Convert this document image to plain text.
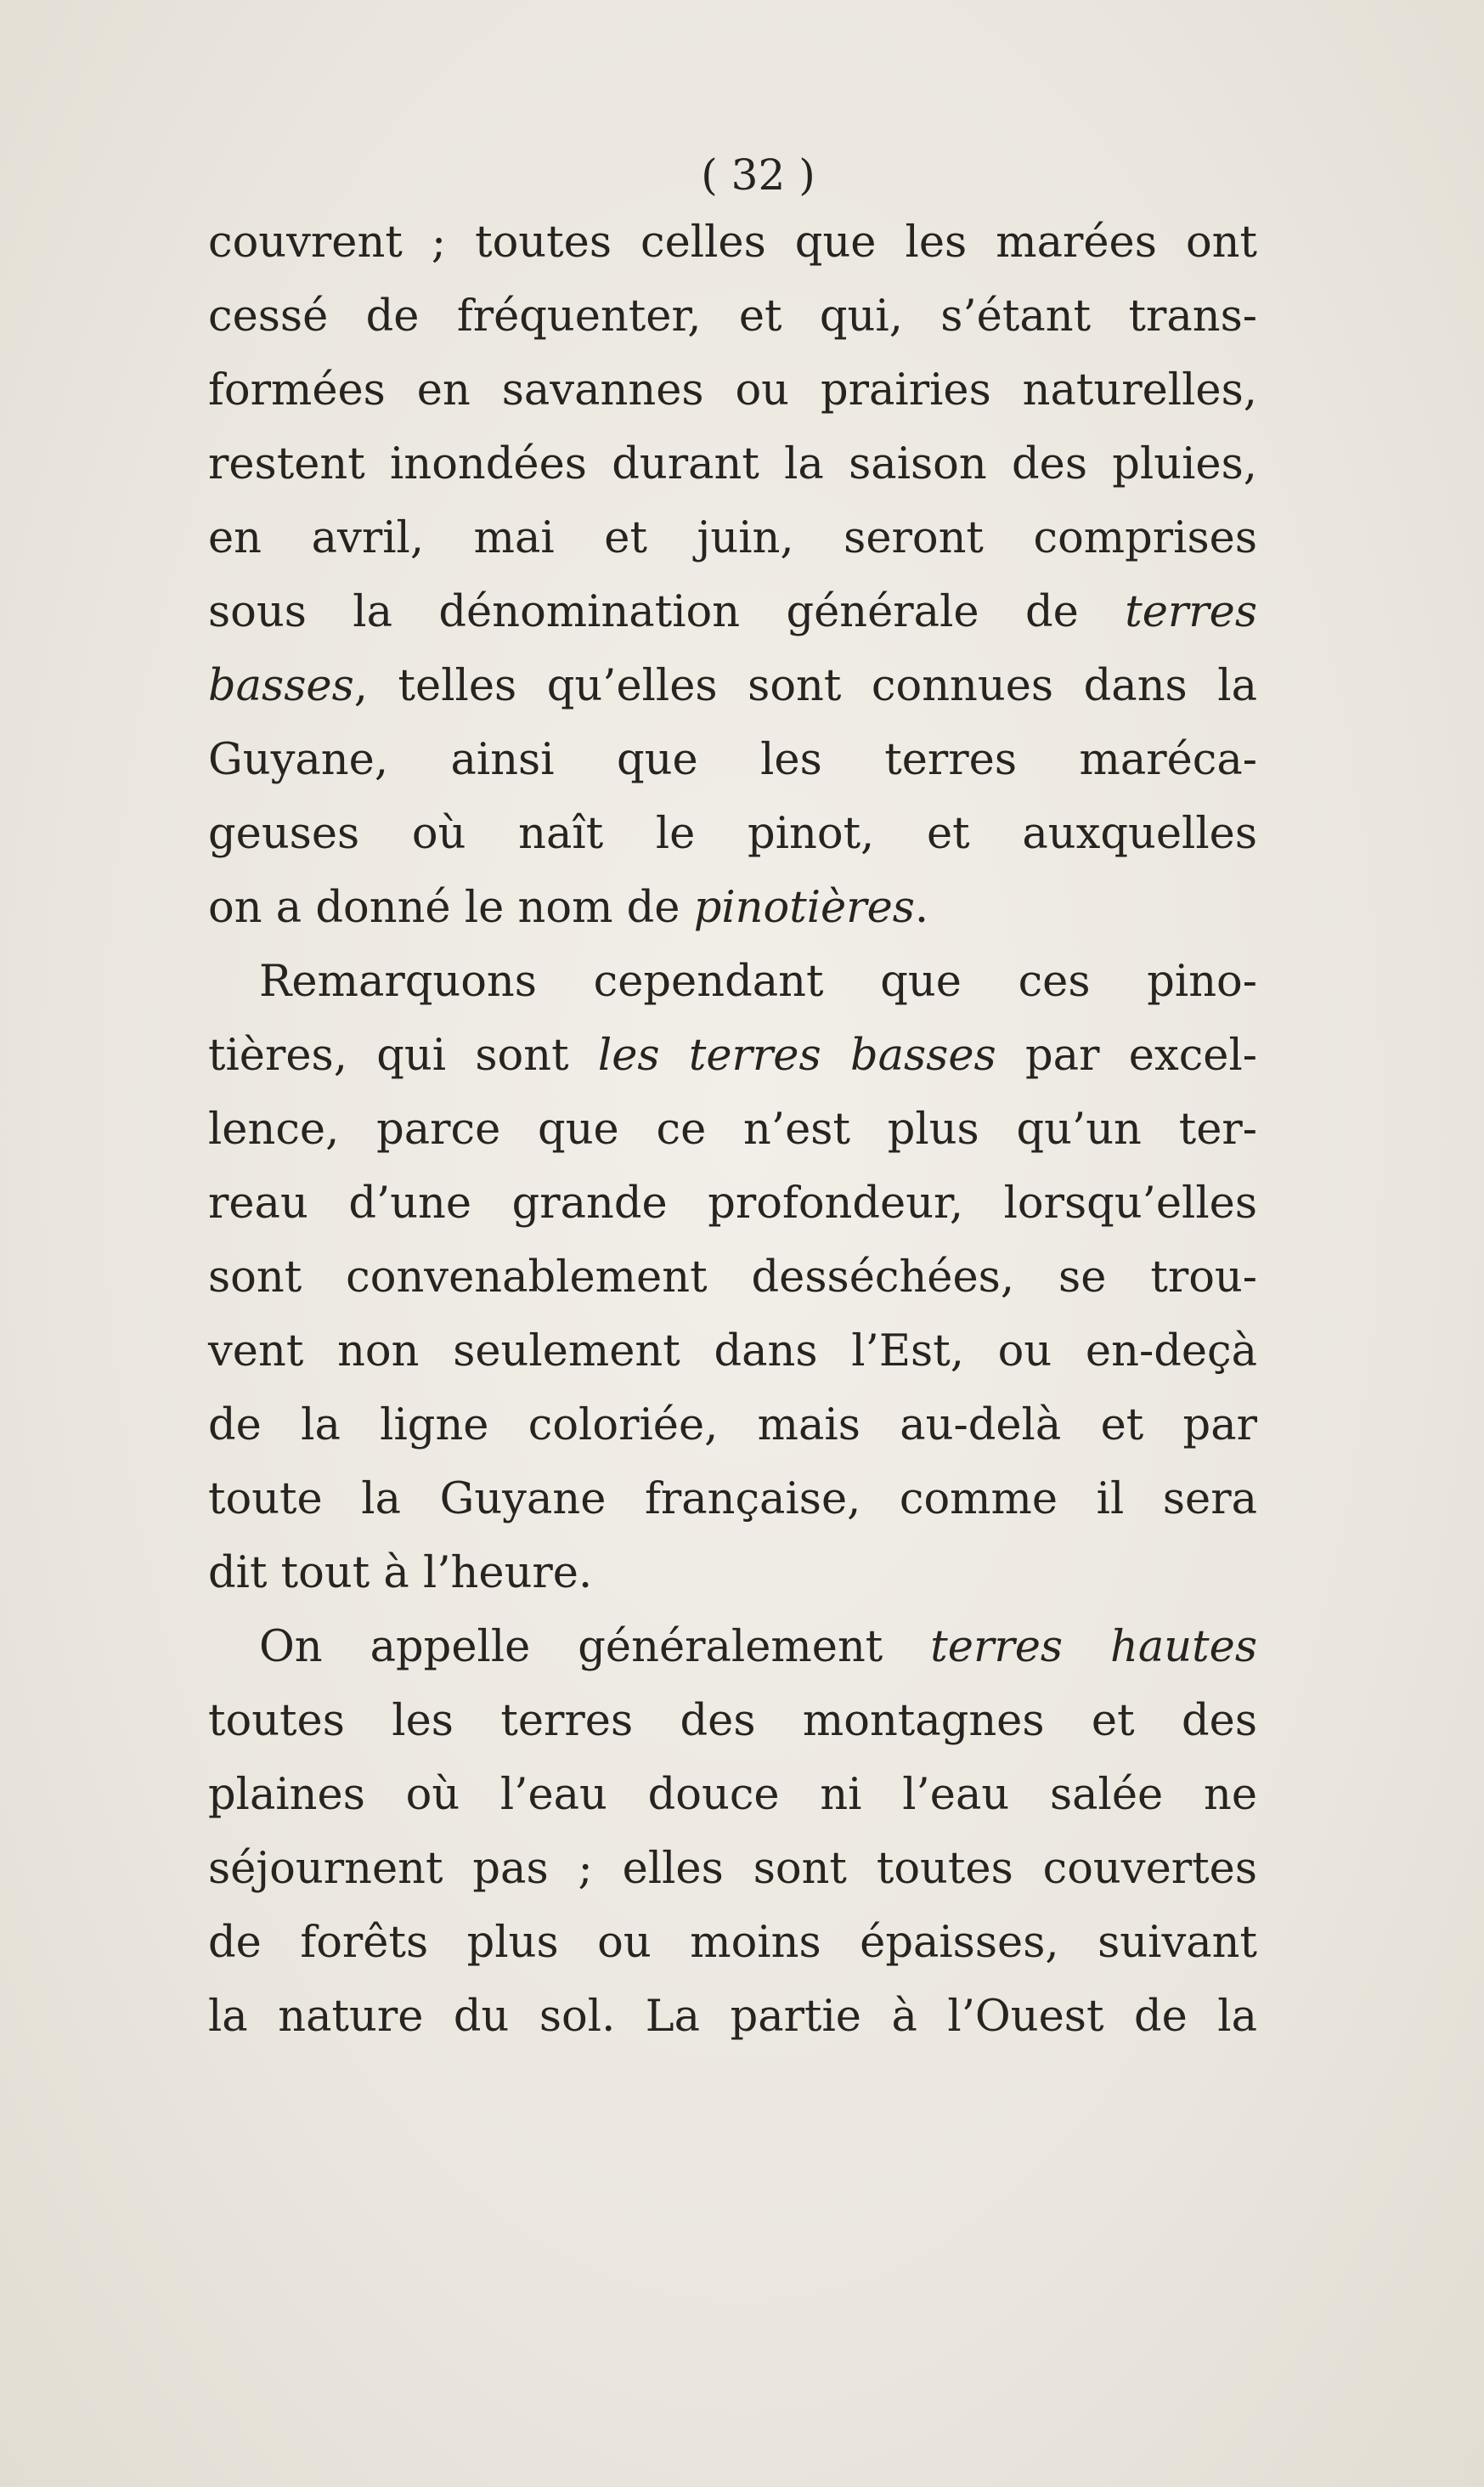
( 32 )
couvrent ; toutes celles que les marées ont
cessé de fréquenter, et qui, s’étant trans-
formées en savannes ou prairies naturelles,
restent inondées durant la saison des pluies,
en avril, mai et juin, seront comprises
sous la dénomination générale de terres
basses, telles qu’elles sont connues dans la
Guyane, ainsi que les terres maréca-
geuses où naît le pinot, et auxquelles
on a donné le nom de pinotières.
Remarquons cependant que ces pino-
tières, qui sont les terres basses par excel-
lence, parce que ce n’est plus qu’un ter-
reau d’une grande profondeur, lorsqu’elles
sont convenablement desséchées, se trou-
vent non seulement dans l’Est, ou en-deçà
de la ligne coloriée, mais au-delà et par
toute la Guyane française, comme il sera
dit tout à l’heure.
On appelle généralement terres hautes
toutes les terres des montagnes et des
plaines où l’eau douce ni l’eau salée ne
séjournent pas ; elles sont toutes couvertes
de forêts plus ou moins épaisses, suivant
la nature du sol. La partie à l’Ouest de la
